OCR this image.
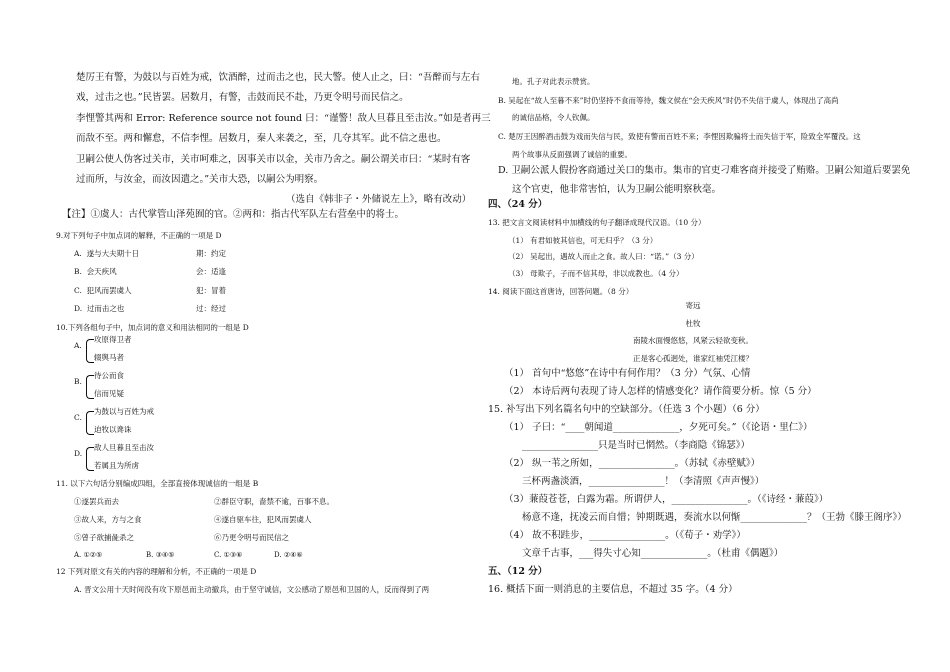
楚厉王有警，为鼓以与百姓为戒，饮酒醉，过而击之也，民大警。使人止之，曰：“吾醉而与左右
戏，过击之也。”民皆罢。居数月，有警，击鼓而民不赴，乃更令明号而民信之。
李悝警其两和 Error: Reference source not found 曰：“谨警！敌人旦暮且至击汝。”如是者再三
而敌不至。两和懈怠，不信李悝。居数月，秦人来袭之，至，几夺其军。此不信之患也。
卫嗣公使人伪客过关市，关市呵难之，因事关市以金，关市乃舍之。嗣公谓关市曰：“某时有客
过而所，与汝金，而汝因遣之。”关市大恐，以嗣公为明察。
（选自《韩非子・外储说左上》，略有改动）
【注】①虞人：古代掌管山泽苑囿的官。②两和：指古代军队左右营垒中的将士。
9.对下列句子中加点词的解释，不正确的一项是 D
A. 遂与大夫期十日	期：约定
B. 会天疾风	会：适逢
C. 犯风而罢虞人	犯：冒着
D. 过而击之也	过：经过
10.下列各组句子中，加点词的意义和用法相同的一组是 D
A.
攻原得卫者
辍舆马者
B.
待公而食
信而见疑
C.
为鼓以与百姓为戒
迫牧以谗诛
D.
敌人旦暮且至击汝
若属且为所虏
11. 以下六句话分别编成四组，全部直接体现诚信的一组是 B
①遂罢兵而去	②群臣守职，啬禁不逾，百事不息。
③故人来，方与之食	④遂自驱车往，犯风而罢虞人
⑤曾子欲捕彘杀之	⑥乃更令明号而民信之
A. ①②⑤	B. ③④⑤	C. ①③⑥	D. ②④⑥
12 下列对原文有关的内容的理解和分析，不正确的一项是 D
A. 晋文公用十天时间没有攻下原邑而主动撤兵，由于坚守诚信，文公感动了原邑和卫国的人，反而得到了两
地。孔子对此表示赞赏。
B. 吴起在“故人至暮不来”时仍坚持不食而等待，魏文侯在“会天疾风”时仍不失信于虞人，体现出了高尚
的诚信品格，令人钦佩。
C. 楚厉王因醉酒击鼓为戏而失信与民，致使有警而百姓不来；李悝因欺骗将士而失信于军，险致全军覆没。这
两个故事从反面强调了诚信的重要。
D. 卫嗣公派人假扮客商通过关口的集市。集市的官吏刁难客商并接受了贿赂。卫嗣公知道后要罢免
这个官吏，他非常害怕，认为卫嗣公能明察秋毫。
四、（24 分）
13. 把文言文阅读材料中加横线的句子翻译成现代汉语。（10 分）
（1） 有君如彼其信也，可无归乎？（3 分）
（2） 吴起出，遇故人而止之食。故人曰：“诺。”（3 分）
（3） 母欺子，子而不信其母，非以成教也。（4 分）
14. 阅读下面这首唐诗，回答问题。（8 分）
寄远
杜牧
南陵水面慢悠悠，风紧云轻欲变秋。
正是客心孤迥处，谁家红袖凭江楼？
（1） 首句中“悠悠”在诗中有何作用？（3 分）气氛、心情
（2） 本诗后两句表现了诗人怎样的情感变化？请作简要分析。惊（5 分）
15. 补写出下列名篇名句中的空缺部分。（任选 3 个小题）（6 分）
（1） 子曰：“____朝闻道______________，夕死可矣。”（《论语・里仁》）
________________只是当时已惘然。（李商隐《锦瑟》）
（2） 纵一苇之所如，________________。（苏轼《赤壁赋》）
三杯两盏淡酒，________________！（李清照《声声慢》）
（3）蒹葭苍苍，白露为霜。所谓伊人，________________。（《诗经・蒹葭》）
杨意不逢，抚凌云而自惜；钟期既遇，奏流水以何惭______________？（王勃《滕王阁序》）
（4） 故不积跬步，________________。（《荀子・劝学》）
文章千古事，___得失寸心知______________。（杜甫《偶题》）
五、（12 分）
16. 概括下面一则消息的主要信息，不超过 35 字。（4 分）
